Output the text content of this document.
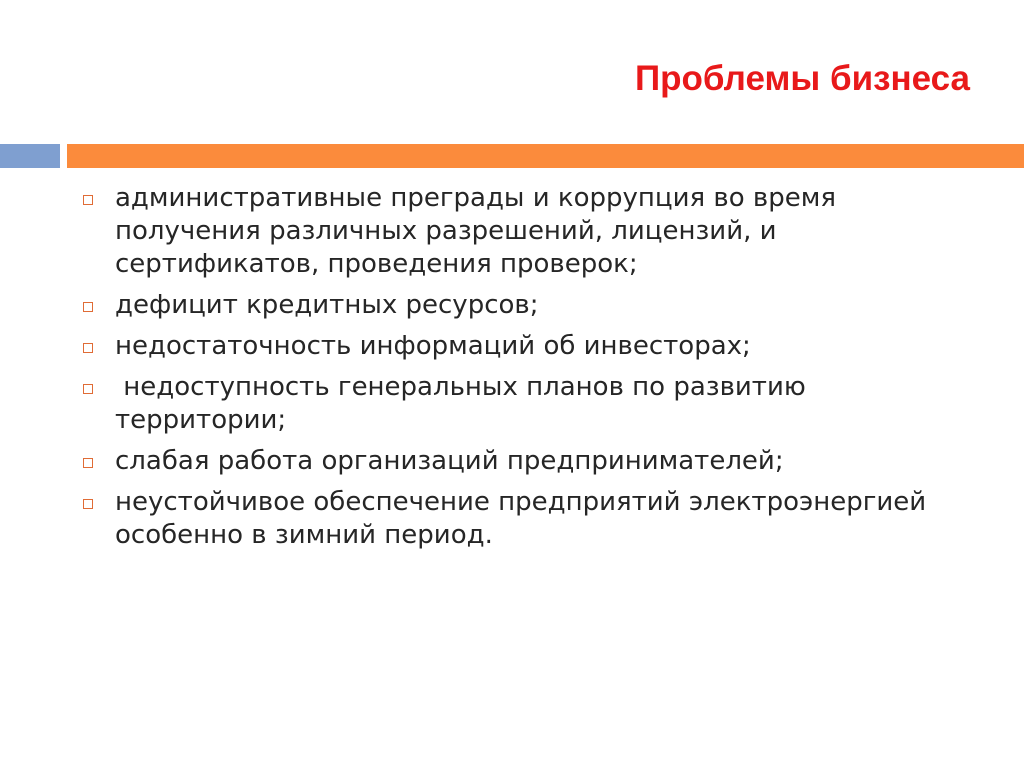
Проблемы бизнеса
административные преграды и коррупция во время получения различных разрешений, лицензий, и сертификатов, проведения проверок;
дефицит кредитных ресурсов;
недостаточность информаций об инвесторах;
недоступность генеральных планов по развитию территории;
слабая работа организаций предпринимателей;
неустойчивое обеспечение предприятий электроэнергией особенно в зимний период.
